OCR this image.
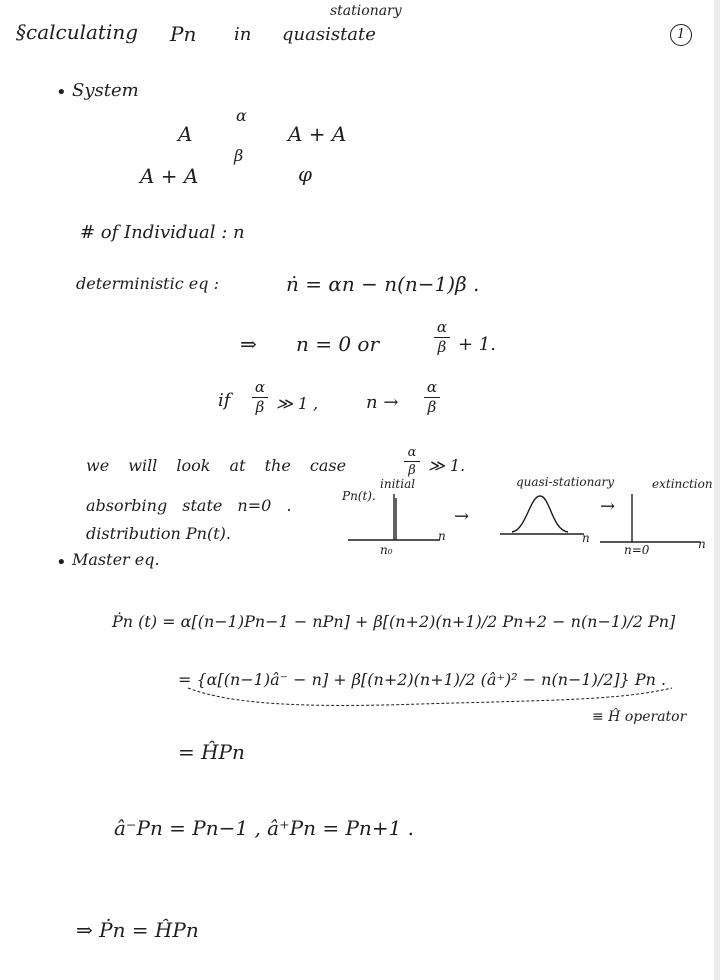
§calculating Pn in quasistate
stationary
1
• System
A
α
A + A
A + A
β
φ
# of Individual : n
deterministic eq :	ṅ = αn − n(n−1)β .
⇒ n = 0 or
α
β + 1.
if
α
β ≫ 1 ,	n →
α
β
we will look at the case
α
β ≫ 1.
absorbing state n=0 .
distribution Pn(t).
Pn(t).
initial
n₀
n
→
quasi-stationary
n
→
extinction
n=0	n
• Master eq.
Ṗn (t) = α[(n−1)Pn−1 − nPn] + β[(n+2)(n+1)/2 Pn+2 − n(n−1)/2 Pn]
= {α[(n−1)â⁻ − n] + β[(n+2)(n+1)/2 (â⁺)² − n(n−1)/2]} Pn .
≡ Ĥ operator
= ĤPn
â⁻Pn = Pn−1 , â⁺Pn = Pn+1 .
⇒ Ṗn = ĤPn
